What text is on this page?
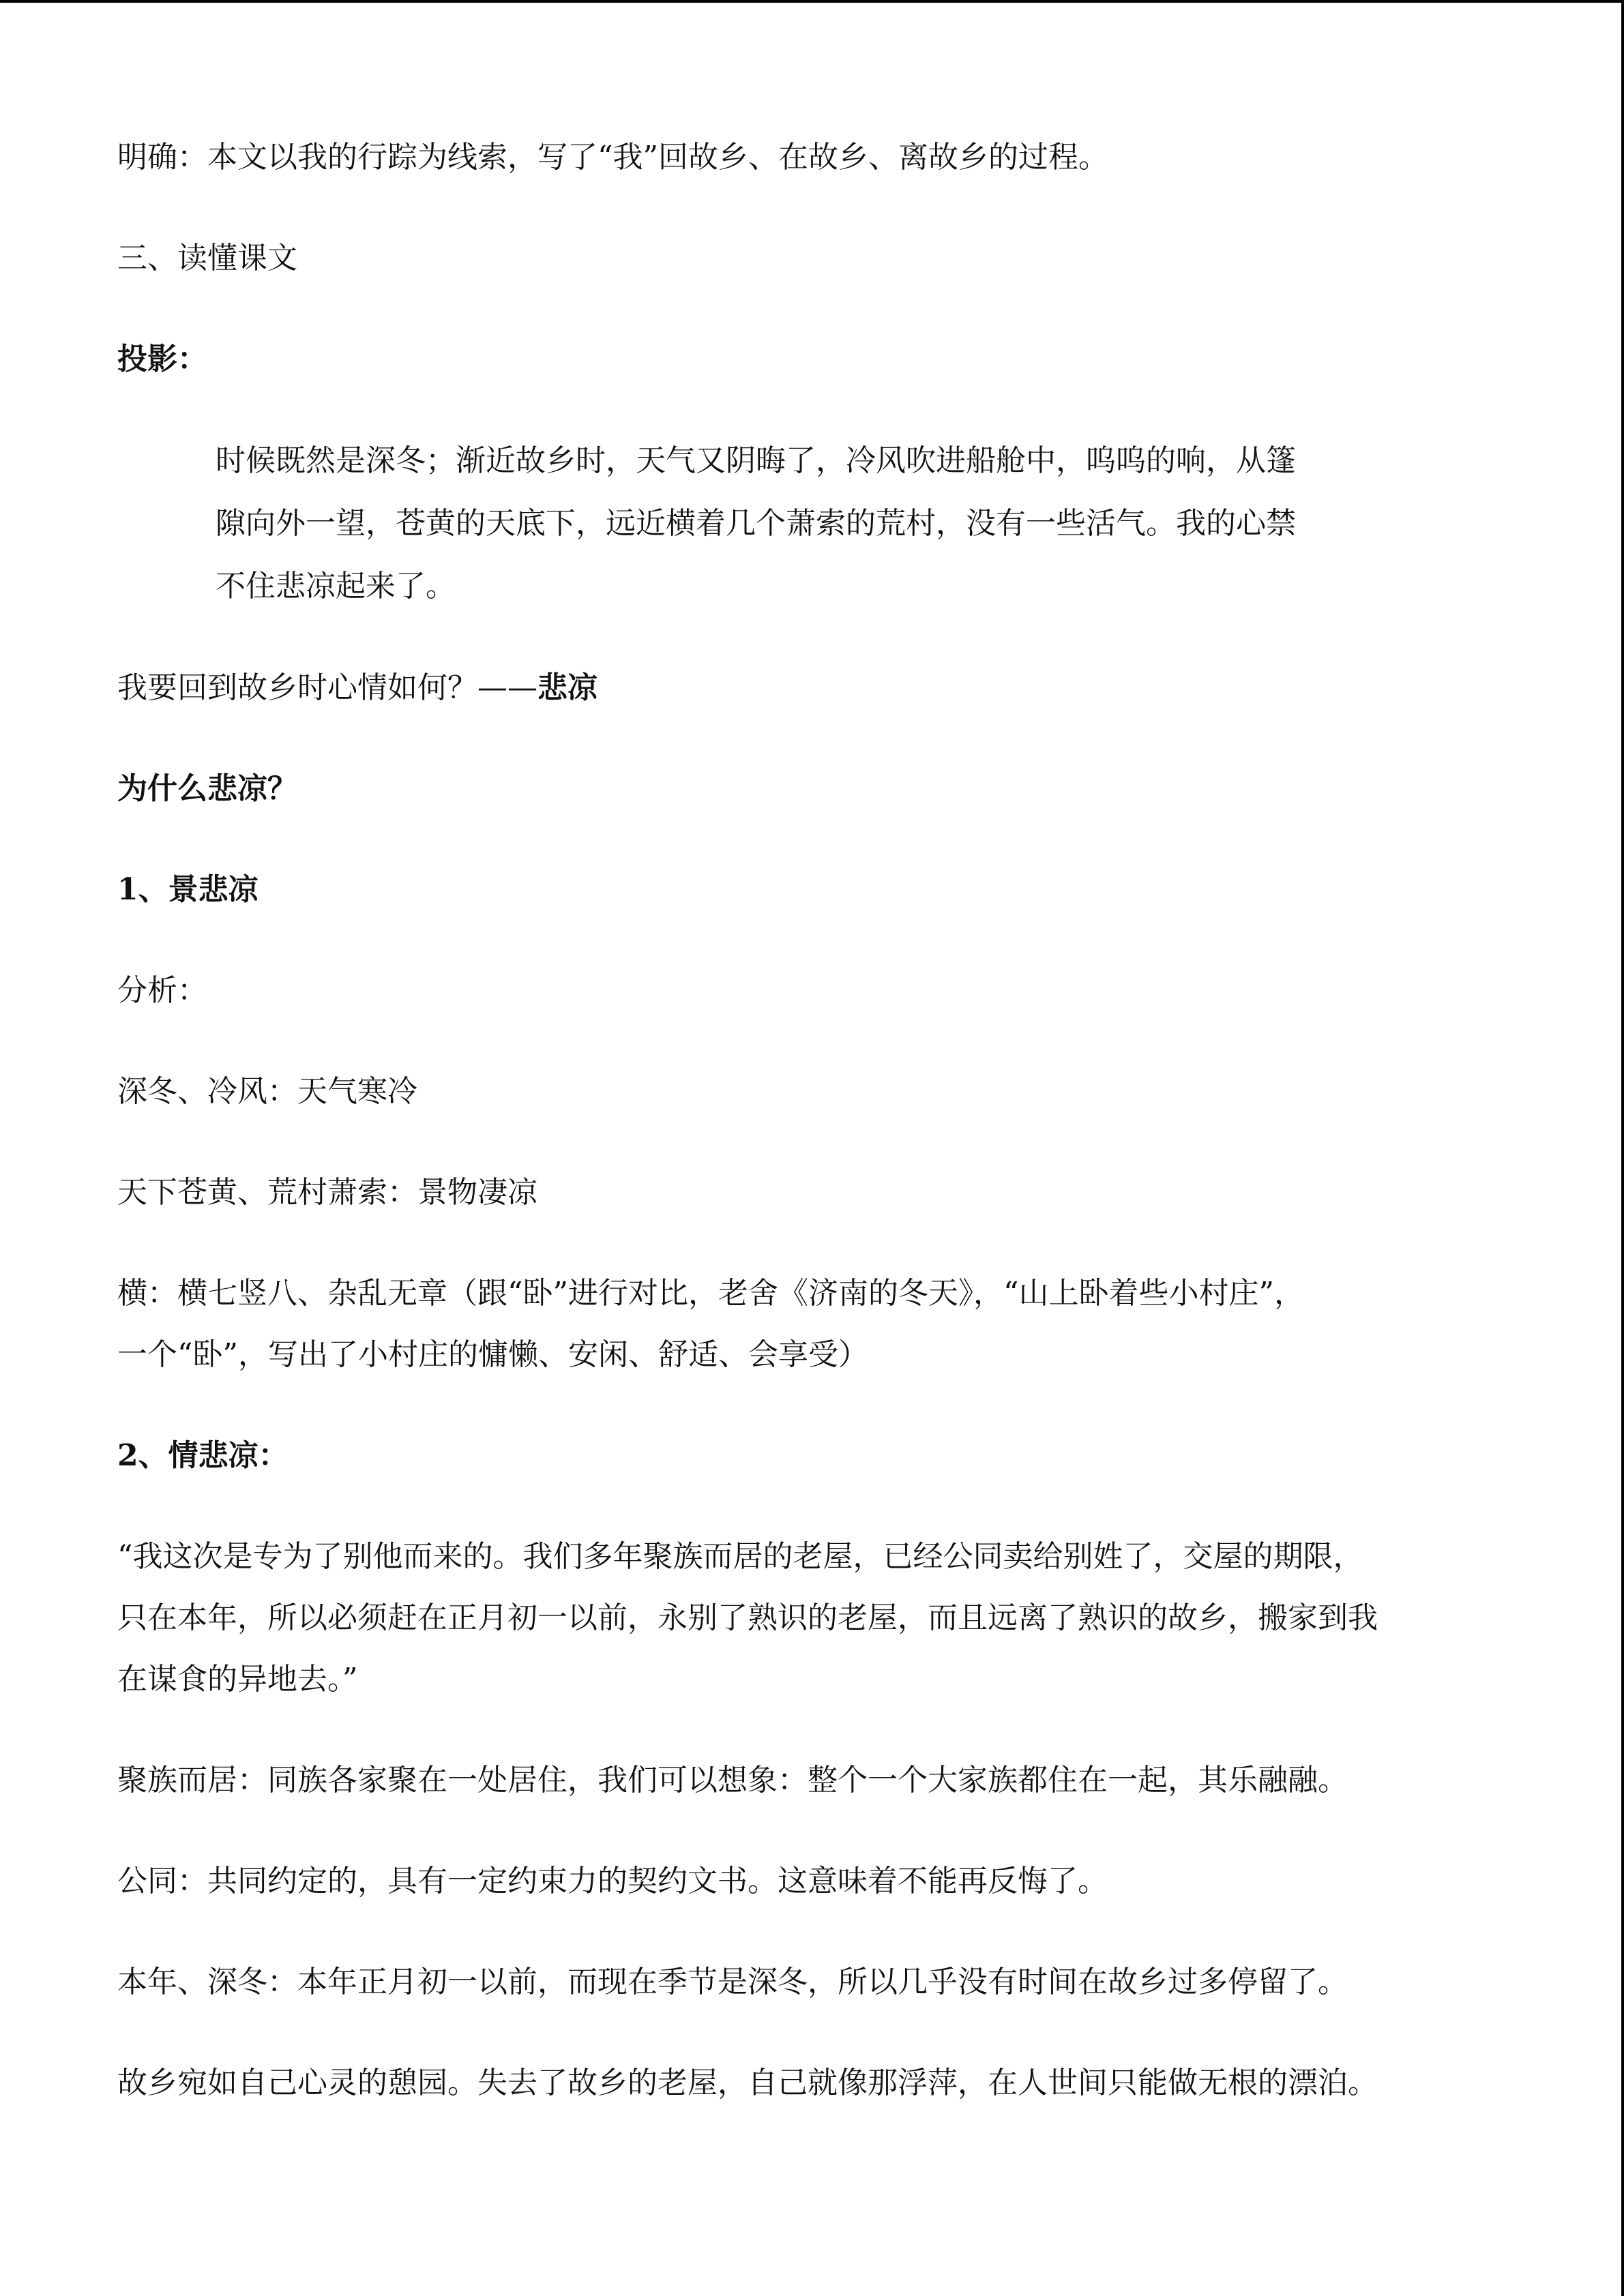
明确：本文以我的行踪为线索，写了“我”回故乡、在故乡、离故乡的过程。

三、读懂课文

投影：

时候既然是深冬；渐近故乡时，天气又阴晦了，冷风吹进船舱中，呜呜的响，从篷
隙向外一望，苍黄的天底下，远近横着几个萧索的荒村，没有一些活气。我的心禁
不住悲凉起来了。

我要回到故乡时心情如何？——悲凉

为什么悲凉？

1、景悲凉

分析：

深冬、冷风：天气寒冷

天下苍黄、荒村萧索：景物凄凉

横：横七竖八、杂乱无章（跟“卧”进行对比，老舍《济南的冬天》，“山上卧着些小村庄”，
一个“卧”，写出了小村庄的慵懒、安闲、舒适、会享受）

2、情悲凉：

“我这次是专为了别他而来的。我们多年聚族而居的老屋，已经公同卖给别姓了，交屋的期限，
只在本年，所以必须赶在正月初一以前，永别了熟识的老屋，而且远离了熟识的故乡，搬家到我
在谋食的异地去。”

聚族而居：同族各家聚在一处居住，我们可以想象：整个一个大家族都住在一起，其乐融融。

公同：共同约定的，具有一定约束力的契约文书。这意味着不能再反悔了。

本年、深冬：本年正月初一以前，而现在季节是深冬，所以几乎没有时间在故乡过多停留了。

故乡宛如自己心灵的憩园。失去了故乡的老屋，自己就像那浮萍，在人世间只能做无根的漂泊。
